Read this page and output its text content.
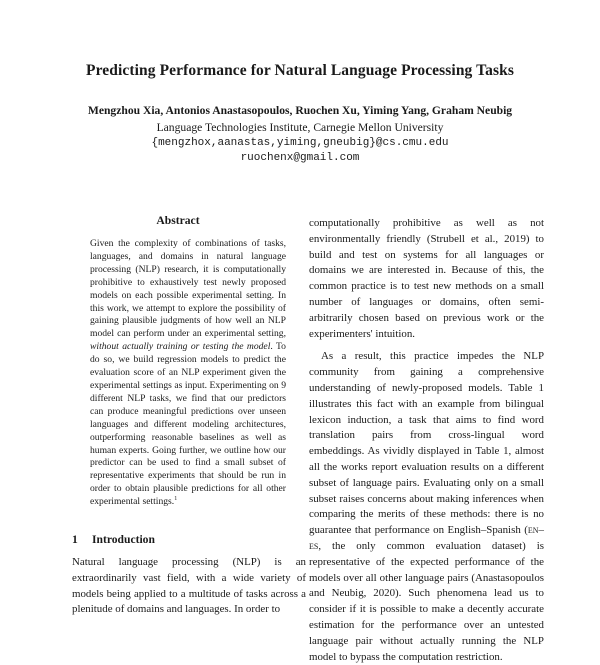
Predicting Performance for Natural Language Processing Tasks
Mengzhou Xia, Antonios Anastasopoulos, Ruochen Xu, Yiming Yang, Graham Neubig
Language Technologies Institute, Carnegie Mellon University
{mengzhox,aanastas,yiming,gneubig}@cs.cmu.edu
ruochenx@gmail.com
Abstract

Given the complexity of combinations of tasks, languages, and domains in natural language processing (NLP) research, it is computationally prohibitive to exhaustively test newly proposed models on each possible experimental setting. In this work, we attempt to explore the possibility of gaining plausible judgments of how well an NLP model can perform under an experimental setting, without actually training or testing the model. To do so, we build regression models to predict the evaluation score of an NLP experiment given the experimental settings as input. Experimenting on 9 different NLP tasks, we find that our predictors can produce meaningful predictions over unseen languages and different modeling architectures, outperforming reasonable baselines as well as human experts. Going further, we outline how our predictor can be used to find a small subset of representative experiments that should be run in order to obtain plausible predictions for all other experimental settings.$^1$

1 Introduction

Natural language processing (NLP) is an extraordinarily vast field, with a wide variety of models being applied to a multitude of tasks across a plenitude of domains and languages. In order to

computationally prohibitive as well as not environmentally friendly (Strubell et al., 2019) to build and test on systems for all languages or domains we are interested in. Because of this, the common practice is to test new methods on a small number of languages or domains, often semi-arbitrarily chosen based on previous work or the experimenters' intuition.

As a result, this practice impedes the NLP community from gaining a comprehensive understanding of newly-proposed models. Table 1 illustrates this fact with an example from bilingual lexicon induction, a task that aims to find word translation pairs from cross-lingual word embeddings. As vividly displayed in Table 1, almost all the works report evaluation results on a different subset of language pairs. Evaluating only on a small subset raises concerns about making inferences when comparing the merits of these methods: there is no guarantee that performance on English–Spanish (en–es, the only common evaluation dataset) is representative of the expected performance of the models over all other language pairs (Anastasopoulos and Neubig, 2020). Such phenomena lead us to consider if it is possible to make a decently accurate estimation for the performance over an untested language pair without actually running the NLP model to bypass the computation restriction.
